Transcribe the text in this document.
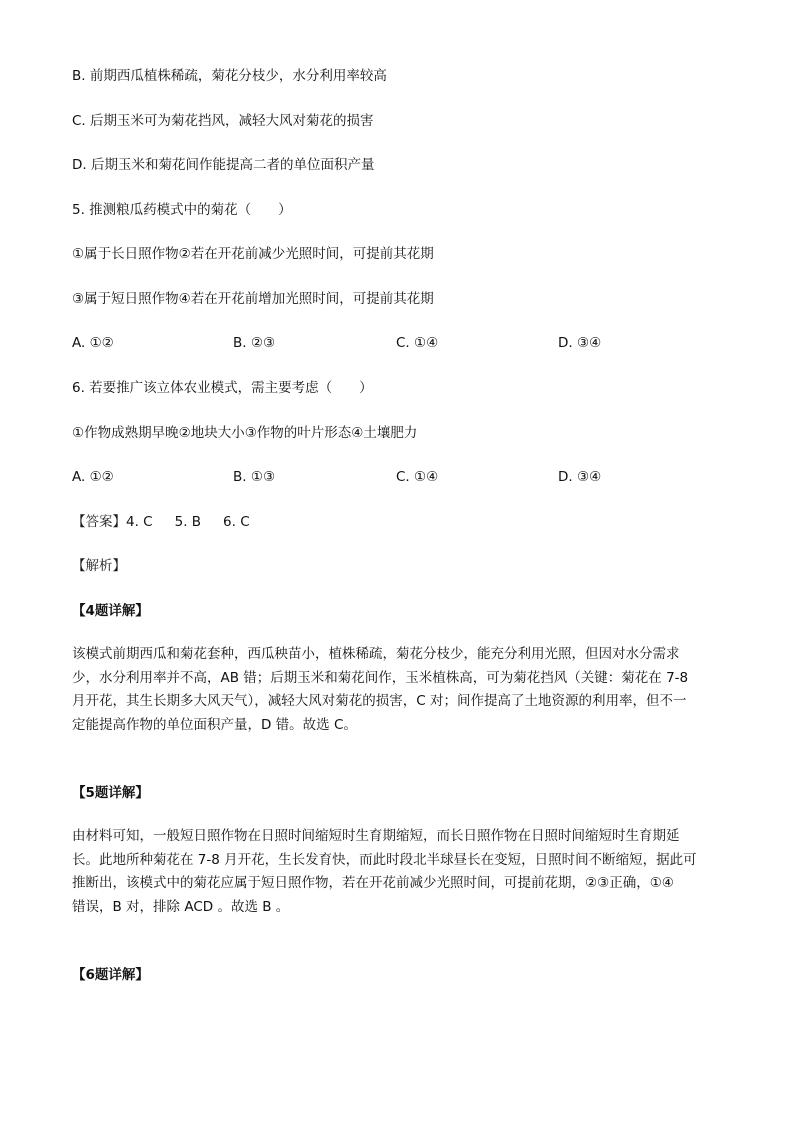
B. 前期西瓜植株稀疏，菊花分枝少，水分利用率较高
C. 后期玉米可为菊花挡风，减轻大风对菊花的损害
D. 后期玉米和菊花间作能提高二者的单位面积产量
5. 推测粮瓜药模式中的菊花（　　）
①属于长日照作物②若在开花前减少光照时间，可提前其花期
③属于短日照作物④若在开花前增加光照时间，可提前其花期
A. ①②	B. ②③	C. ①④	D. ③④
6. 若要推广该立体农业模式，需主要考虑（　　）
①作物成熟期早晚②地块大小③作物的叶片形态④土壤肥力
A. ①②	B. ①③	C. ①④	D. ③④
【答案】4. C 5. B 6. C
【解析】
【4题详解】
该模式前期西瓜和菊花套种，西瓜秧苗小，植株稀疏，菊花分枝少，能充分利用光照，但因对水分需求
少，水分利用率并不高，AB 错；后期玉米和菊花间作，玉米植株高，可为菊花挡风（关键：菊花在 7-8
月开花，其生长期多大风天气），减轻大风对菊花的损害，C 对；间作提高了土地资源的利用率，但不一
定能提高作物的单位面积产量，D 错。故选 C。
【5题详解】
由材料可知，一般短日照作物在日照时间缩短时生育期缩短，而长日照作物在日照时间缩短时生育期延
长。此地所种菊花在 7-8 月开花，生长发育快，而此时段北半球昼长在变短，日照时间不断缩短，据此可
推断出，该模式中的菊花应属于短日照作物，若在开花前减少光照时间，可提前花期，②③正确，①④
错误，B 对，排除 ACD 。故选 B 。
【6题详解】
